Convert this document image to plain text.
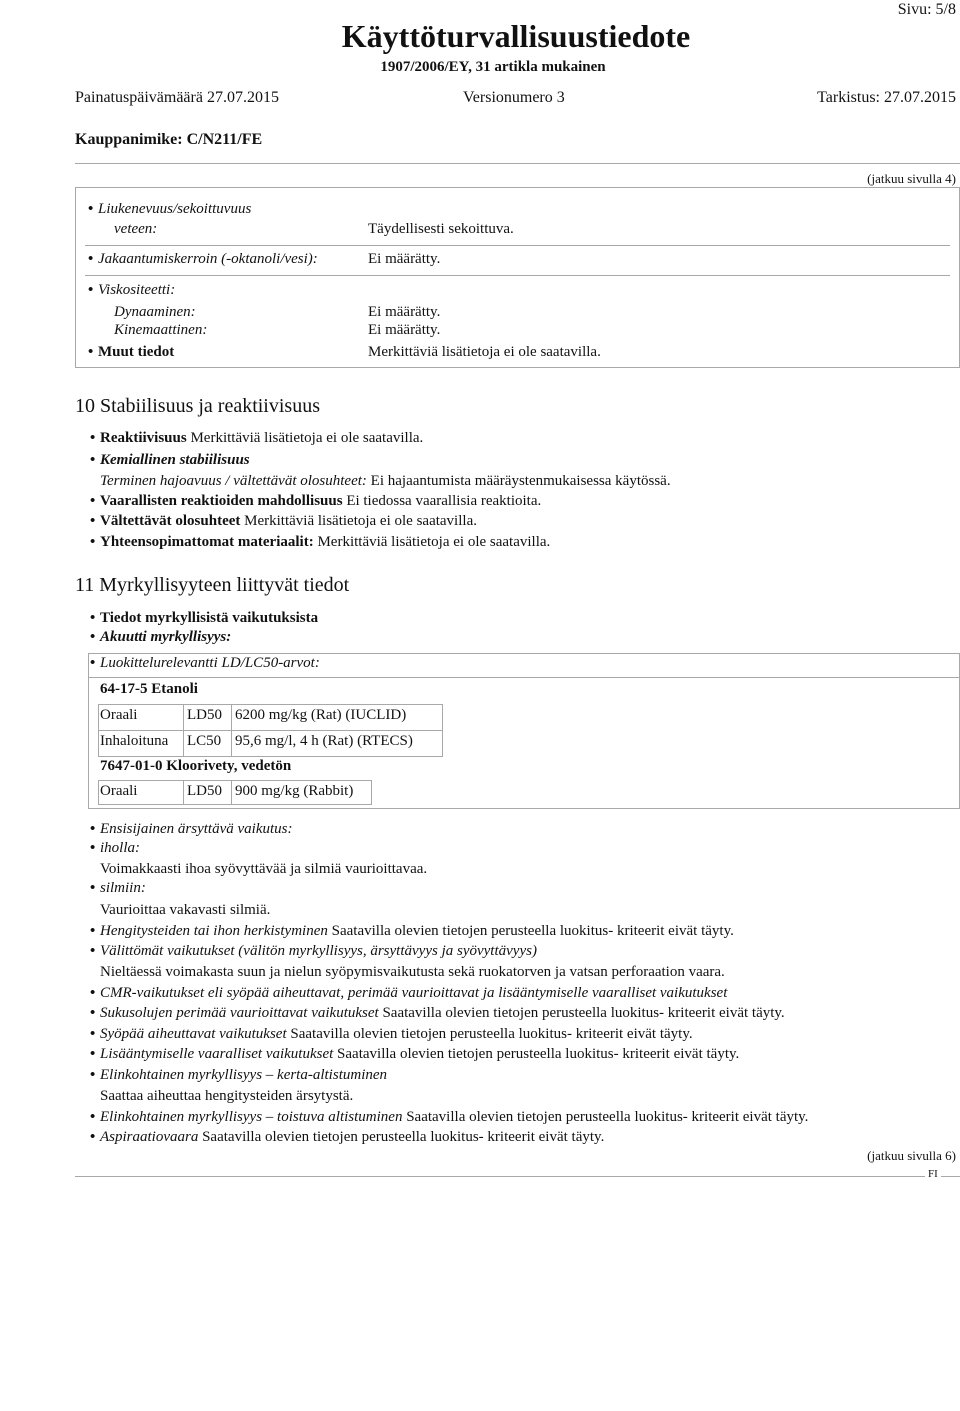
Sivu: 5/8
Käyttöturvallisuustiedote
1907/2006/EY, 31 artikla mukainen
Painatuspäivämäärä 27.07.2015	Versionumero 3	Tarkistus: 27.07.2015
Kauppanimike: C/N211/FE
(jatkuu sivulla 4)
• Liukenevuus/sekoittuvuus
veteen:	Täydellisesti sekoittuva.
• Jakaantumiskerroin (-oktanoli/vesi):	Ei määrätty.
• Viskositeetti:
Dynaaminen:	Ei määrätty.
Kinemaattinen:	Ei määrätty.
• Muut tiedot	Merkittäviä lisätietoja ei ole saatavilla.
10 Stabiilisuus ja reaktiivisuus
• Reaktiivisuus Merkittäviä lisätietoja ei ole saatavilla.
• Kemiallinen stabiilisuus
Terminen hajoavuus / vältettävät olosuhteet: Ei hajaantumista määräystenmukaisessa käytössä.
• Vaarallisten reaktioiden mahdollisuus Ei tiedossa vaarallisia reaktioita.
• Vältettävät olosuhteet Merkittäviä lisätietoja ei ole saatavilla.
• Yhteensopimattomat materiaalit: Merkittäviä lisätietoja ei ole saatavilla.
11 Myrkyllisyyteen liittyvät tiedot
• Tiedot myrkyllisistä vaikutuksista
• Akuutti myrkyllisyys:
• Luokittelurelevantti LD/LC50-arvot:
64-17-5 Etanoli
Oraali	LD50 6200 mg/kg (Rat) (IUCLID)
Inhaloituna LC50 95,6 mg/l, 4 h (Rat) (RTECS)
7647-01-0 Kloorivety, vedetön
Oraali	LD50 900 mg/kg (Rabbit)
• Ensisijainen ärsyttävä vaikutus:
• iholla:
Voimakkaasti ihoa syövyttävää ja silmiä vaurioittavaa.
• silmiin:
Vaurioittaa vakavasti silmiä.
• Hengitysteiden tai ihon herkistyminen Saatavilla olevien tietojen perusteella luokitus- kriteerit eivät täyty.
• Välittömät vaikutukset (välitön myrkyllisyys, ärsyttävyys ja syövyttävyys)
Nieltäessä voimakasta suun ja nielun syöpymisvaikutusta sekä ruokatorven ja vatsan perforaation vaara.
• CMR-vaikutukset eli syöpää aiheuttavat, perimää vaurioittavat ja lisääntymiselle vaaralliset vaikutukset
• Sukusolujen perimää vaurioittavat vaikutukset Saatavilla olevien tietojen perusteella luokitus- kriteerit eivät täyty.
• Syöpää aiheuttavat vaikutukset Saatavilla olevien tietojen perusteella luokitus- kriteerit eivät täyty.
• Lisääntymiselle vaaralliset vaikutukset Saatavilla olevien tietojen perusteella luokitus- kriteerit eivät täyty.
• Elinkohtainen myrkyllisyys – kerta-altistuminen
Saattaa aiheuttaa hengitysteiden ärsytystä.
• Elinkohtainen myrkyllisyys – toistuva altistuminen Saatavilla olevien tietojen perusteella luokitus- kriteerit eivät täyty.
• Aspiraatiovaara Saatavilla olevien tietojen perusteella luokitus- kriteerit eivät täyty.
(jatkuu sivulla 6)
FI
